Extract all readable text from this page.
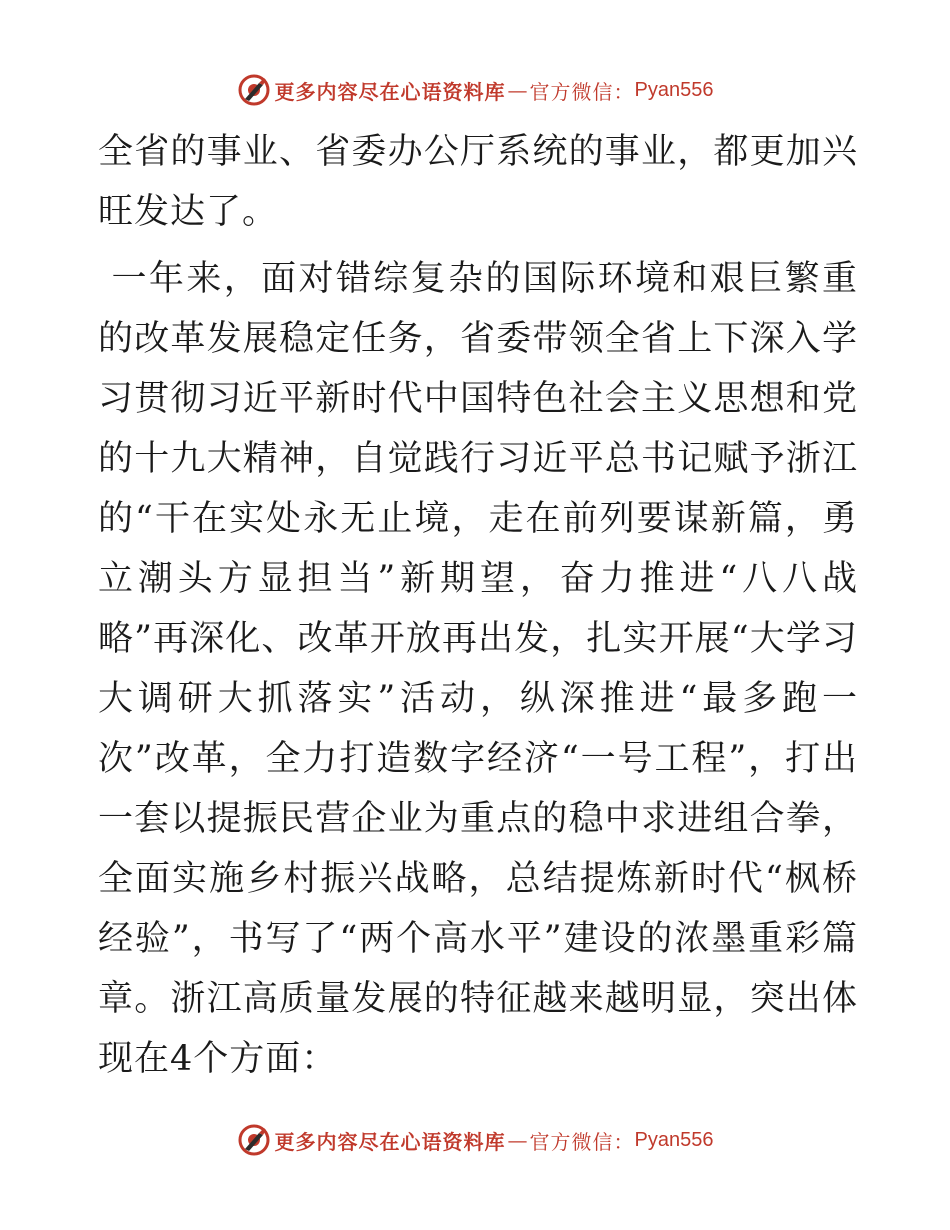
更多内容尽在心语资料库 — 官方微信： Pyan556

全省的事业、省委办公厅系统的事业，都更加兴旺发达了。

一年来，面对错综复杂的国际环境和艰巨繁重的改革发展稳定任务，省委带领全省上下深入学习贯彻习近平新时代中国特色社会主义思想和党的十九大精神，自觉践行习近平总书记赋予浙江的“干在实处永无止境，走在前列要谋新篇，勇立潮头方显担当”新期望，奋力推进“八八战略”再深化、改革开放再出发，扎实开展“大学习大调研大抓落实”活动，纵深推进“最多跑一次”改革，全力打造数字经济“一号工程”，打出一套以提振民营企业为重点的稳中求进组合拳，全面实施乡村振兴战略，总结提炼新时代“枫桥经验”，书写了“两个高水平”建设的浓墨重彩篇章。浙江高质量发展的特征越来越明显，突出体现在4个方面：

更多内容尽在心语资料库 — 官方微信： Pyan556
